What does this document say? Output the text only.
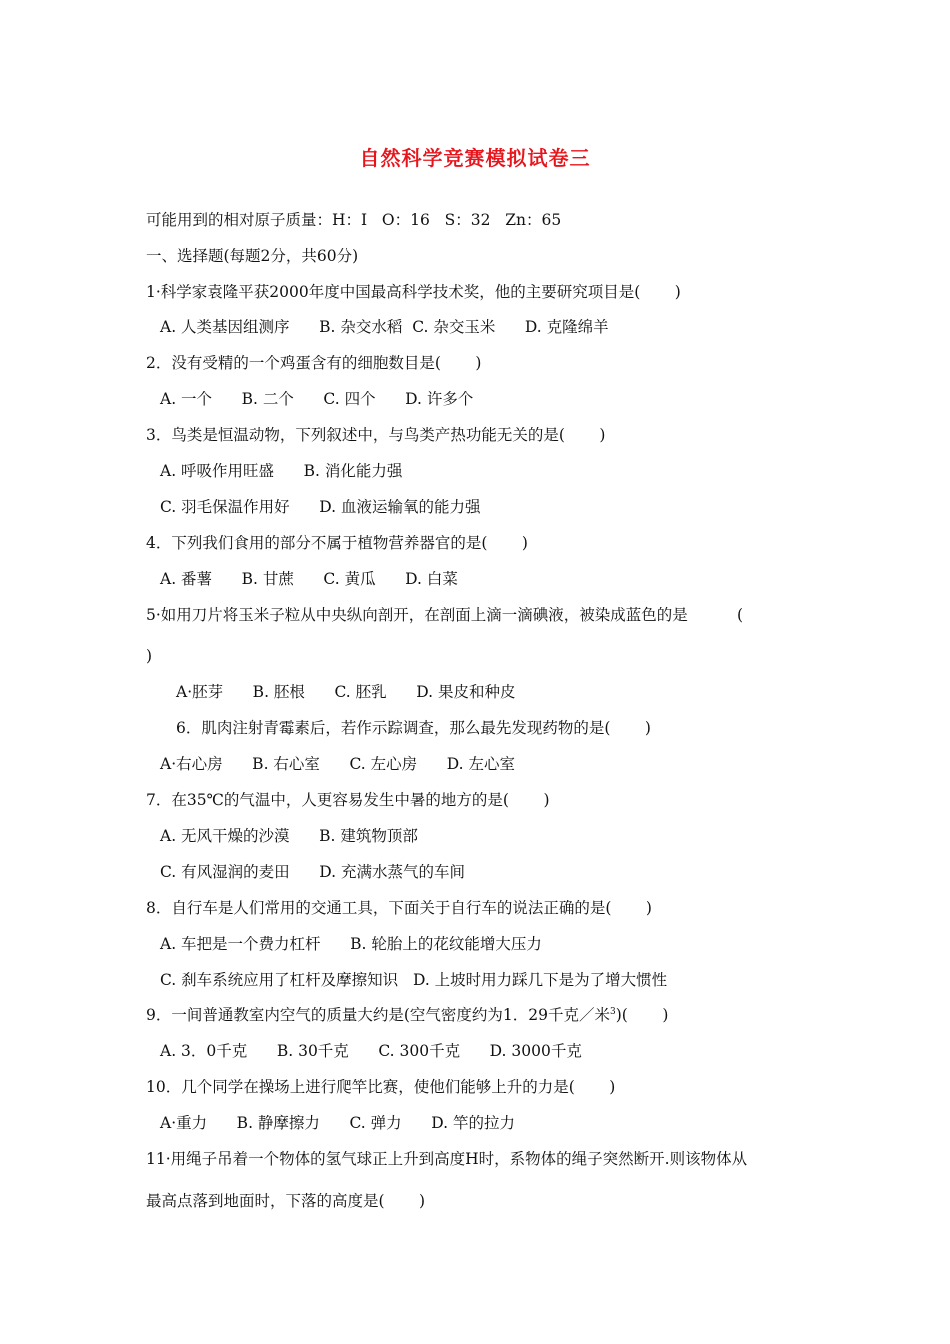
自然科学竞赛模拟试卷三
可能用到的相对原子质量：H：I   O：16   S：32   Zn：65
一、选择题(每题2分，共60分)
1·科学家袁隆平获2000年度中国最高科学技术奖，他的主要研究项目是(       )
A. 人类基因组测序      B. 杂交水稻  C. 杂交玉米      D. 克隆绵羊
2．没有受精的一个鸡蛋含有的细胞数目是(       )
A. 一个      B. 二个      C. 四个      D. 许多个
3．鸟类是恒温动物，下列叙述中，与鸟类产热功能无关的是(       )
A. 呼吸作用旺盛      B. 消化能力强
C. 羽毛保温作用好      D. 血液运输氧的能力强
4．下列我们食用的部分不属于植物营养器官的是(       )
A. 番薯      B. 甘蔗      C. 黄瓜      D. 白菜
5·如用刀片将玉米子粒从中央纵向剖开，在剖面上滴一滴碘液，被染成蓝色的是          (
)
A·胚芽      B. 胚根      C. 胚乳      D. 果皮和种皮
6．肌肉注射青霉素后，若作示踪调查，那么最先发现药物的是(       )
A·右心房      B. 右心室      C. 左心房      D. 左心室
7．在35℃的气温中，人更容易发生中暑的地方的是(       )
A. 无风干燥的沙漠      B. 建筑物顶部
C. 有风湿润的麦田      D. 充满水蒸气的车间
8．自行车是人们常用的交通工具，下面关于自行车的说法正确的是(       )
A. 车把是一个费力杠杆      B. 轮胎上的花纹能增大压力
C. 刹车系统应用了杠杆及摩擦知识   D. 上坡时用力踩几下是为了增大惯性
9．一间普通教室内空气的质量大约是(空气密度约为1．29千克／米$^3$)(       )
A. 3．0千克      B. 30千克      C. 300千克      D. 3000千克
10．几个同学在操场上进行爬竿比赛，使他们能够上升的力是(       )
A·重力      B. 静摩擦力      C. 弹力      D. 竿的拉力
11·用绳子吊着一个物体的氢气球正上升到高度H时，系物体的绳子突然断开.则该物体从
最高点落到地面时，下落的高度是(       )
